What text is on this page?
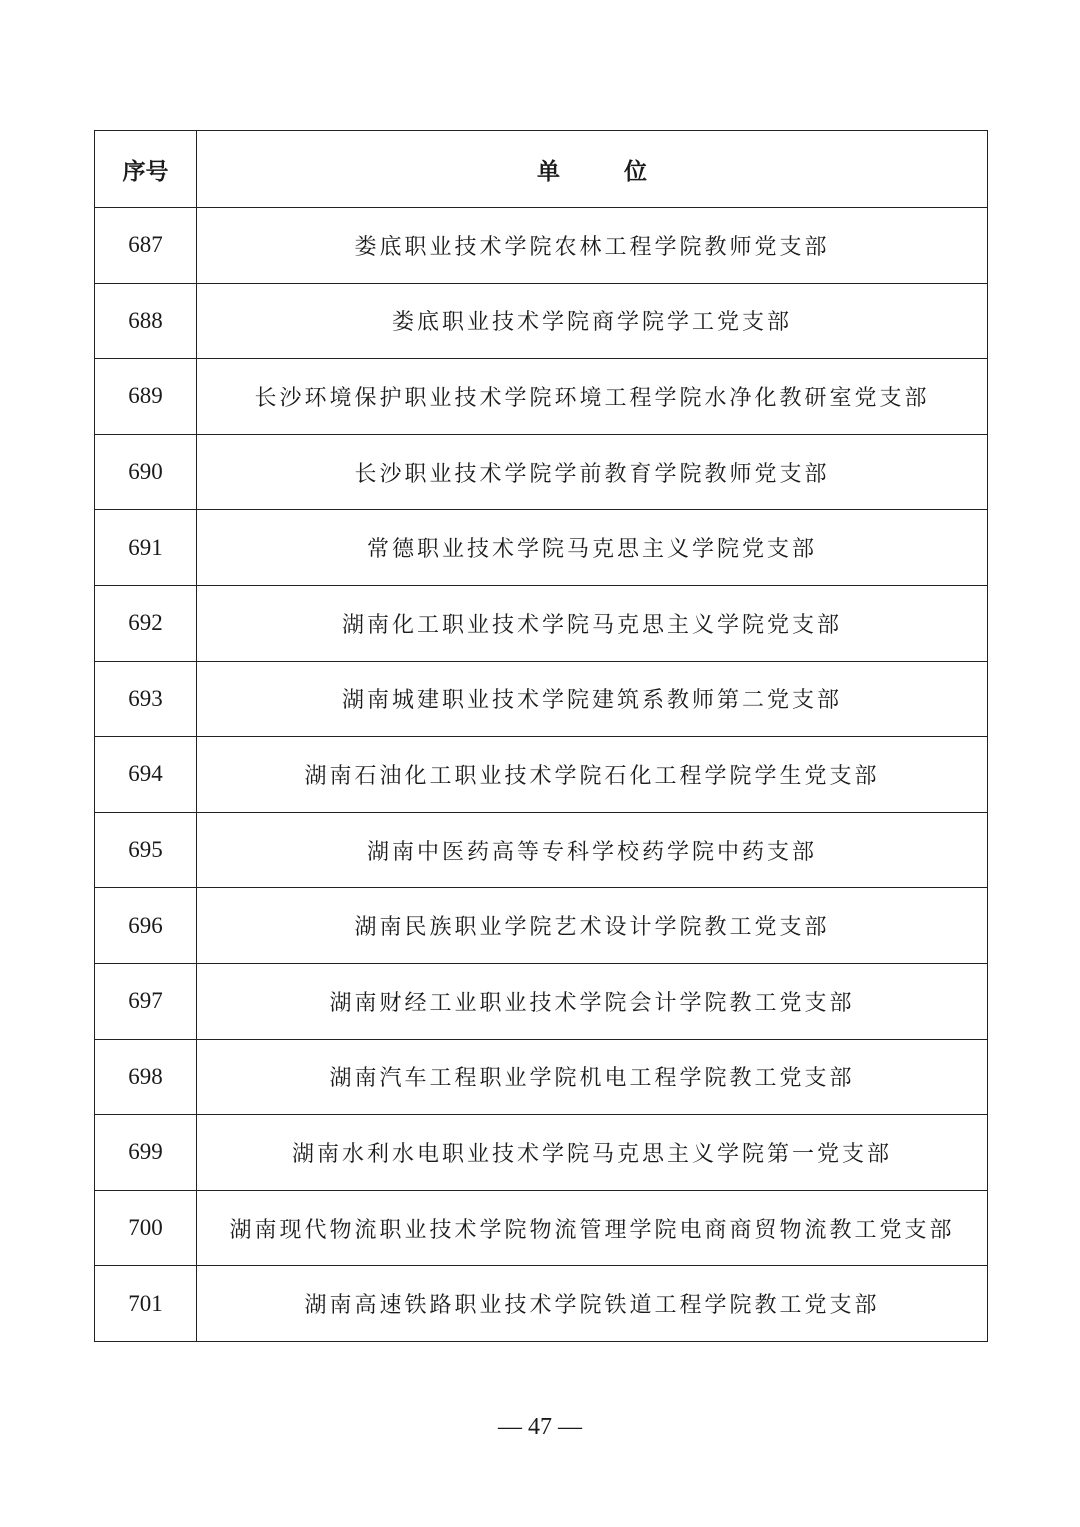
序号	单 位
687	娄底职业技术学院农林工程学院教师党支部
688	娄底职业技术学院商学院学工党支部
689	长沙环境保护职业技术学院环境工程学院水净化教研室党支部
690	长沙职业技术学院学前教育学院教师党支部
691	常德职业技术学院马克思主义学院党支部
692	湖南化工职业技术学院马克思主义学院党支部
693	湖南城建职业技术学院建筑系教师第二党支部
694	湖南石油化工职业技术学院石化工程学院学生党支部
695	湖南中医药高等专科学校药学院中药支部
696	湖南民族职业学院艺术设计学院教工党支部
697	湖南财经工业职业技术学院会计学院教工党支部
698	湖南汽车工程职业学院机电工程学院教工党支部
699	湖南水利水电职业技术学院马克思主义学院第一党支部
700	湖南现代物流职业技术学院物流管理学院电商商贸物流教工党支部
701	湖南高速铁路职业技术学院铁道工程学院教工党支部
— 47 —
